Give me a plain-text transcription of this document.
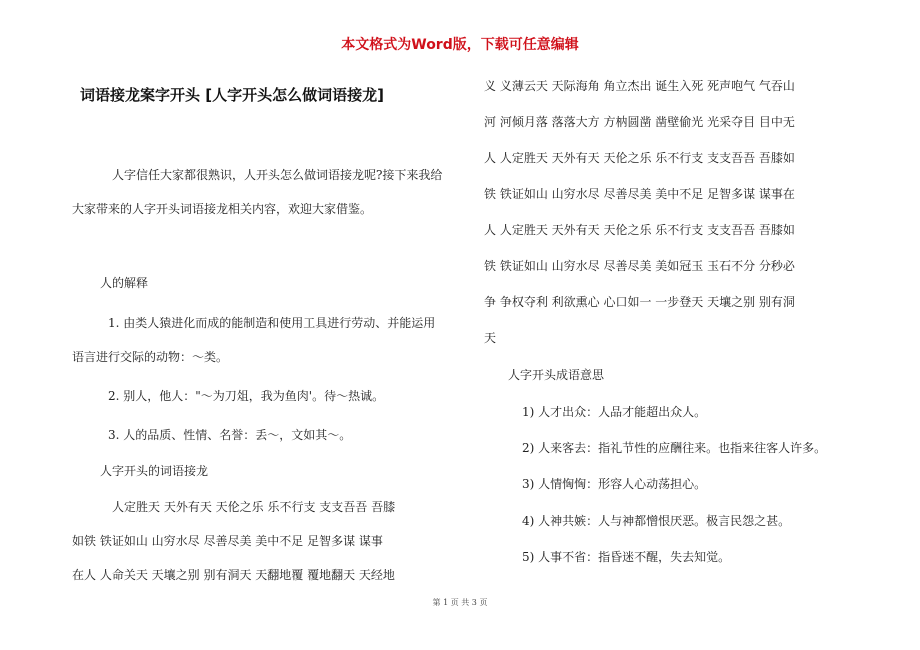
本文格式为Word版，下载可任意编辑
词语接龙案字开头 [人字开头怎么做词语接龙]
人字信任大家都很熟识，人开头怎么做词语接龙呢?接下来我给
大家带来的人字开头词语接龙相关内容，欢迎大家借鉴。
人的解释
1. 由类人猿进化而成的能制造和使用工具进行劳动、并能运用
语言进行交际的动物：～类。
2. 别人，他人："～为刀俎，我为鱼肉'。待～热诚。
3. 人的品质、性情、名誉：丢～，文如其～。
人字开头的词语接龙
人定胜天 天外有天 天伦之乐 乐不行支 支支吾吾 吾膝
如铁 铁证如山 山穷水尽 尽善尽美 美中不足 足智多谋 谋事
在人 人命关天 天壤之别 别有洞天 天翻地覆 覆地翻天 天经地
义 义薄云天 天际海角 角立杰出 诞生入死 死声咆气 气吞山
河 河倾月落 落落大方 方枘圆凿 凿壁偷光 光采夺目 目中无
人 人定胜天 天外有天 天伦之乐 乐不行支 支支吾吾 吾膝如
铁 铁证如山 山穷水尽 尽善尽美 美中不足 足智多谋 谋事在
人 人定胜天 天外有天 天伦之乐 乐不行支 支支吾吾 吾膝如
铁 铁证如山 山穷水尽 尽善尽美 美如冠玉 玉石不分 分秒必
争 争权夺利 利欲熏心 心口如一 一步登天 天壤之别 别有洞
天
人字开头成语意思
1) 人才出众：人品才能超出众人。
2) 人来客去：指礼节性的应酬往来。也指来往客人许多。
3) 人情恟恟：形容人心动荡担心。
4) 人神共嫉：人与神都憎恨厌恶。极言民怨之甚。
5) 人事不省：指昏迷不醒，失去知觉。
第 1 页 共 3 页
